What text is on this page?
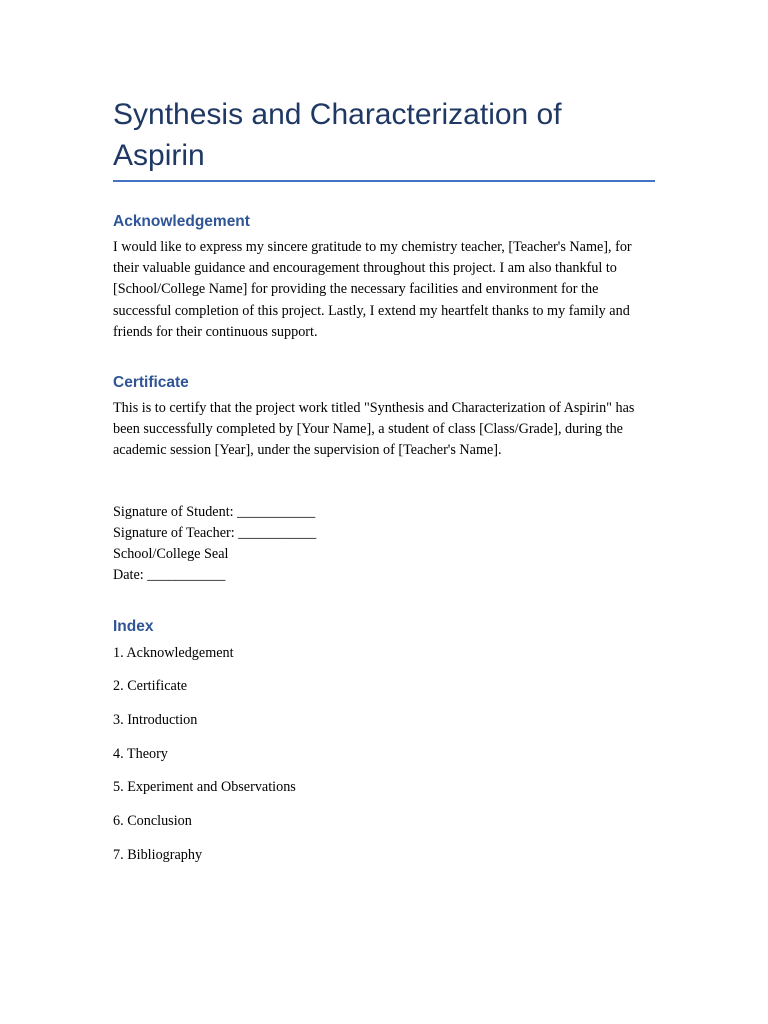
Synthesis and Characterization of Aspirin
Acknowledgement

I would like to express my sincere gratitude to my chemistry teacher, [Teacher's Name], for their valuable guidance and encouragement throughout this project. I am also thankful to [School/College Name] for providing the necessary facilities and environment for the successful completion of this project. Lastly, I extend my heartfelt thanks to my family and friends for their continuous support.

Certificate

This is to certify that the project work titled "Synthesis and Characterization of Aspirin" has been successfully completed by [Your Name], a student of class [Class/Grade], during the academic session [Year], under the supervision of [Teacher's Name].

Signature of Student: ___________

Signature of Teacher: ___________

School/College Seal

Date: ___________

Index

1. Acknowledgement

2. Certificate

3. Introduction

4. Theory

5. Experiment and Observations

6. Conclusion

7. Bibliography
